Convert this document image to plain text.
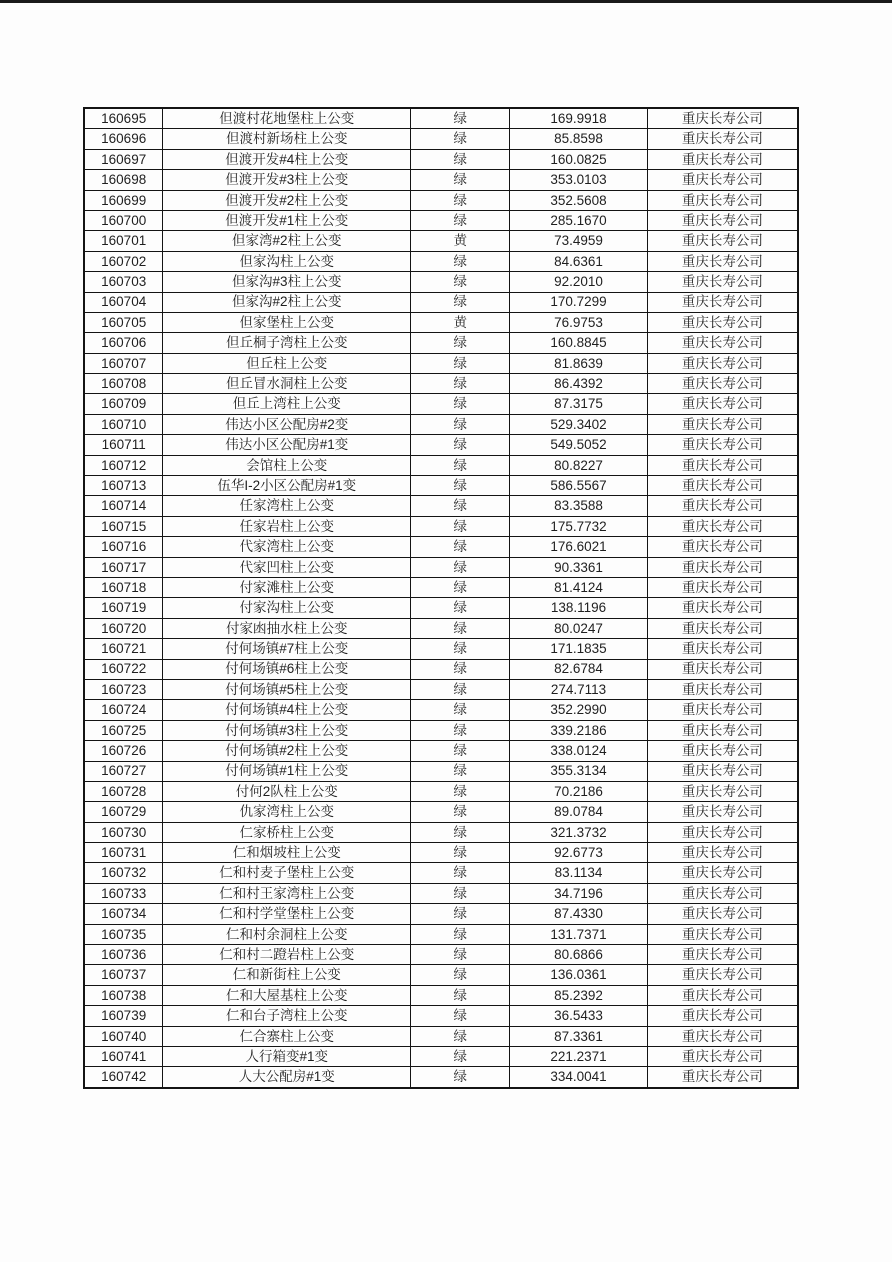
160695	但渡村花地堡柱上公变	绿	169.9918	重庆长寿公司
160696	但渡村新场柱上公变	绿	85.8598	重庆长寿公司
160697	但渡开发#4柱上公变	绿	160.0825	重庆长寿公司
160698	但渡开发#3柱上公变	绿	353.0103	重庆长寿公司
160699	但渡开发#2柱上公变	绿	352.5608	重庆长寿公司
160700	但渡开发#1柱上公变	绿	285.1670	重庆长寿公司
160701	但家湾#2柱上公变	黄	73.4959	重庆长寿公司
160702	但家沟柱上公变	绿	84.6361	重庆长寿公司
160703	但家沟#3柱上公变	绿	92.2010	重庆长寿公司
160704	但家沟#2柱上公变	绿	170.7299	重庆长寿公司
160705	但家堡柱上公变	黄	76.9753	重庆长寿公司
160706	但丘桐子湾柱上公变	绿	160.8845	重庆长寿公司
160707	但丘柱上公变	绿	81.8639	重庆长寿公司
160708	但丘冒水洞柱上公变	绿	86.4392	重庆长寿公司
160709	但丘上湾柱上公变	绿	87.3175	重庆长寿公司
160710	伟达小区公配房#2变	绿	529.3402	重庆长寿公司
160711	伟达小区公配房#1变	绿	549.5052	重庆长寿公司
160712	会馆柱上公变	绿	80.8227	重庆长寿公司
160713	伍华I-2小区公配房#1变	绿	586.5567	重庆长寿公司
160714	任家湾柱上公变	绿	83.3588	重庆长寿公司
160715	任家岩柱上公变	绿	175.7732	重庆长寿公司
160716	代家湾柱上公变	绿	176.6021	重庆长寿公司
160717	代家凹柱上公变	绿	90.3361	重庆长寿公司
160718	付家滩柱上公变	绿	81.4124	重庆长寿公司
160719	付家沟柱上公变	绿	138.1196	重庆长寿公司
160720	付家凼抽水柱上公变	绿	80.0247	重庆长寿公司
160721	付何场镇#7柱上公变	绿	171.1835	重庆长寿公司
160722	付何场镇#6柱上公变	绿	82.6784	重庆长寿公司
160723	付何场镇#5柱上公变	绿	274.7113	重庆长寿公司
160724	付何场镇#4柱上公变	绿	352.2990	重庆长寿公司
160725	付何场镇#3柱上公变	绿	339.2186	重庆长寿公司
160726	付何场镇#2柱上公变	绿	338.0124	重庆长寿公司
160727	付何场镇#1柱上公变	绿	355.3134	重庆长寿公司
160728	付何2队柱上公变	绿	70.2186	重庆长寿公司
160729	仇家湾柱上公变	绿	89.0784	重庆长寿公司
160730	仁家桥柱上公变	绿	321.3732	重庆长寿公司
160731	仁和烟坡柱上公变	绿	92.6773	重庆长寿公司
160732	仁和村麦子堡柱上公变	绿	83.1134	重庆长寿公司
160733	仁和村王家湾柱上公变	绿	34.7196	重庆长寿公司
160734	仁和村学堂堡柱上公变	绿	87.4330	重庆长寿公司
160735	仁和村余洞柱上公变	绿	131.7371	重庆长寿公司
160736	仁和村二蹬岩柱上公变	绿	80.6866	重庆长寿公司
160737	仁和新街柱上公变	绿	136.0361	重庆长寿公司
160738	仁和大屋基柱上公变	绿	85.2392	重庆长寿公司
160739	仁和台子湾柱上公变	绿	36.5433	重庆长寿公司
160740	仁合寨柱上公变	绿	87.3361	重庆长寿公司
160741	人行箱变#1变	绿	221.2371	重庆长寿公司
160742	人大公配房#1变	绿	334.0041	重庆长寿公司
